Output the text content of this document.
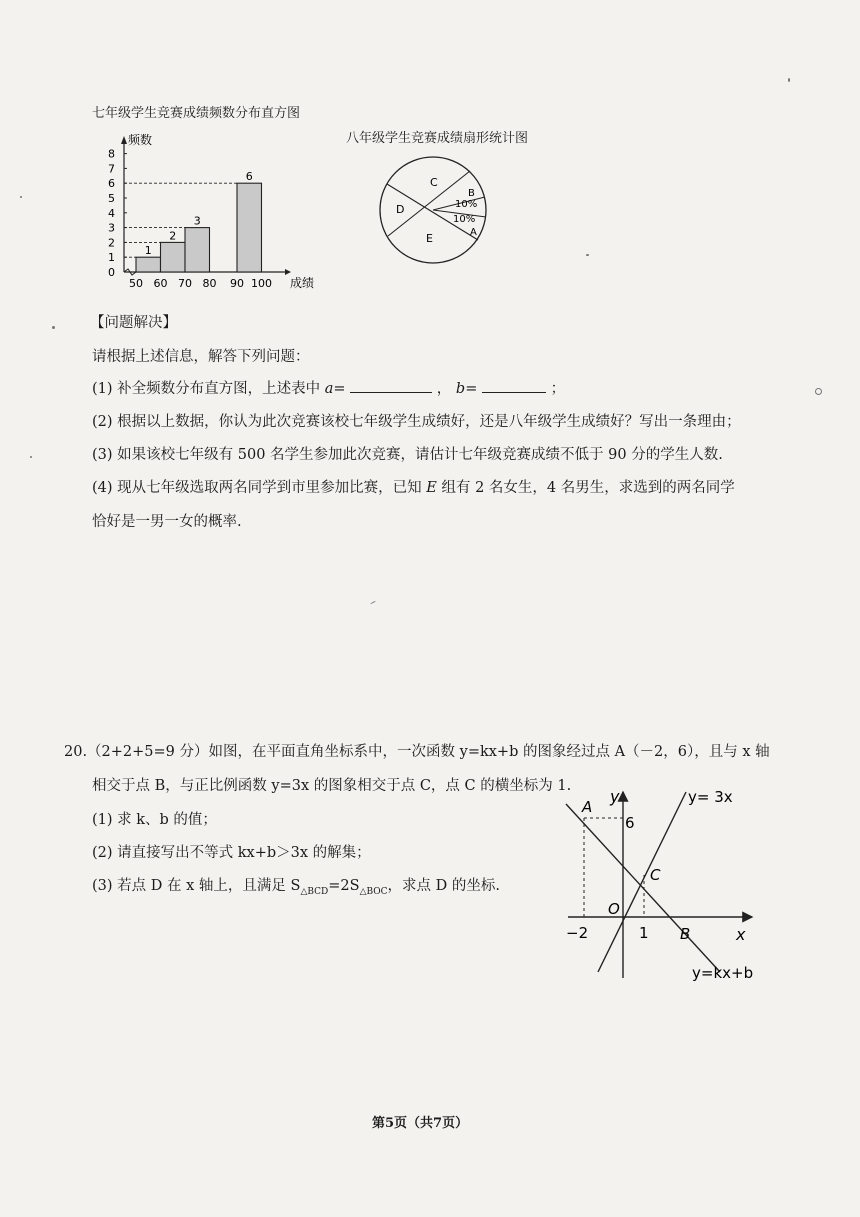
七年级学生竞赛成绩频数分布直方图
0
1
2
3
4
5
6
7
8
频数
50 60 70 80 90 100 成绩
1
2
3
6
八年级学生竞赛成绩扇形统计图
C
D
E
B
10%
10%
A
【问题解决】
请根据上述信息，解答下列问题：
(1) 补全频数分布直方图，上述表中 a=	， b=	；
(2) 根据以上数据，你认为此次竞赛该校七年级学生成绩好，还是八年级学生成绩好？写出一条理由；
(3) 如果该校七年级有 500 名学生参加此次竞赛，请估计七年级竞赛成绩不低于 90 分的学生人数.
(4) 现从七年级选取两名同学到市里参加比赛，已知 E 组有 2 名女生，4 名男生，求选到的两名同学
恰好是一男一女的概率.
20.（2+2+5=9 分）如图，在平面直角坐标系中，一次函数 y=kx+b 的图象经过点 A（－2，6），且与 x 轴
相交于点 B，与正比例函数 y=3x 的图象相交于点 C，点 C 的横坐标为 1.
(1) 求 k、b 的值；
(2) 请直接写出不等式 kx+b＞3x 的解集；
(3) 若点 D 在 x 轴上，且满足 $S_{\triangle BCD}=2S_{\triangle BOC}$，求点 D 的坐标.
y
x
y= 3x
y=kx+b
A
B
C
O
6
−2	1
第5页（共7页）
